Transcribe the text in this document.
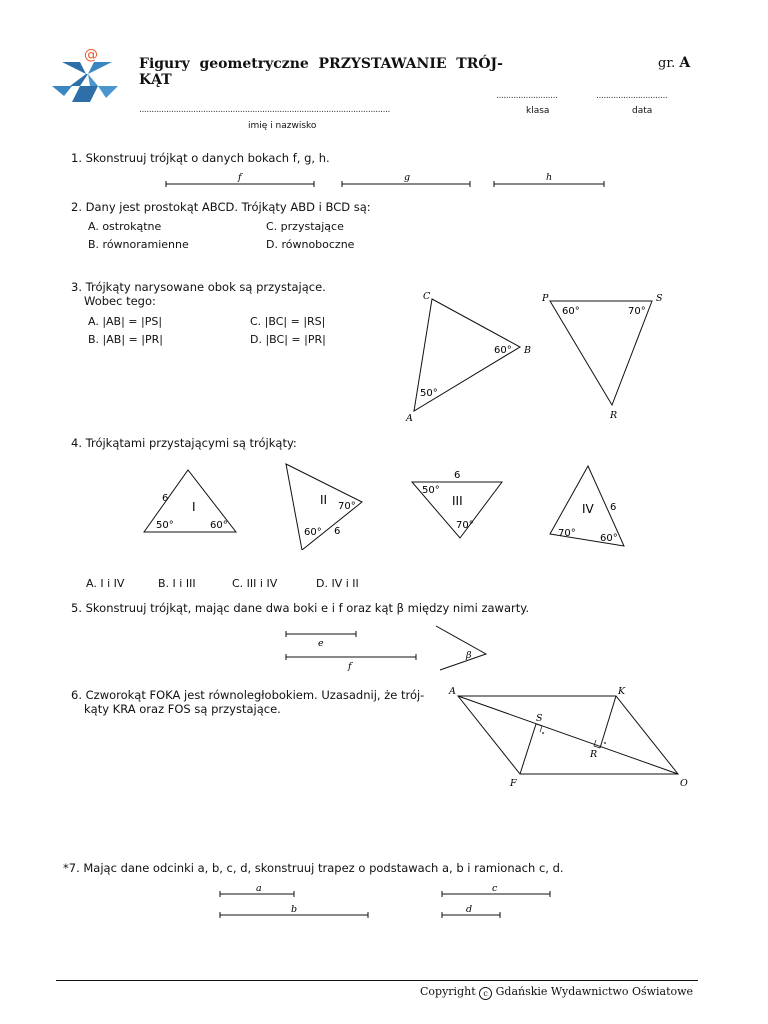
@
Figury  geometryczne  PRZYSTAWANIE  TRÓJ-
KĄT
gr. A
......................................................................................................
imię i nazwisko
.........................
klasa
.............................
data
1. Skonstruuj trójkąt o danych bokach f, g, h.
f	g	h
2. Dany jest prostokąt ABCD. Trójkąty ABD i BCD są:
A. ostrokątne
B. równoramienne
C. przystające
D. równoboczne
3. Trójkąty narysowane obok są przystające.
Wobec tego:
A. |AB| = |PS|
B. |AB| = |PR|
C. |BC| = |RS|
D. |BC| = |PR|
C
B
A
60°
50°
P	S
R
60°	70°
4. Trójkątami przystającymi są trójkąty:
I
6
50°	60°
II 70°
60° 6
6
III
50°
70°
IV 6
70° 60°
A. I i IV	B. I i III	C. III i IV	D. IV i II
5. Skonstruuj trójkąt, mając dane dwa boki e i f oraz kąt β między nimi zawarty.
e
f
β
6. Czworokąt FOKA jest równoległobokiem. Uzasadnij, że trój-
kąty KRA oraz FOS są przystające.
A	K
S
R
F	O
*7. Mając dane odcinki a, b, c, d, skonstruuj trapez o podstawach a, b i ramionach c, d.
a
b
c
d
Copyright c Gdańskie Wydawnictwo Oświatowe
